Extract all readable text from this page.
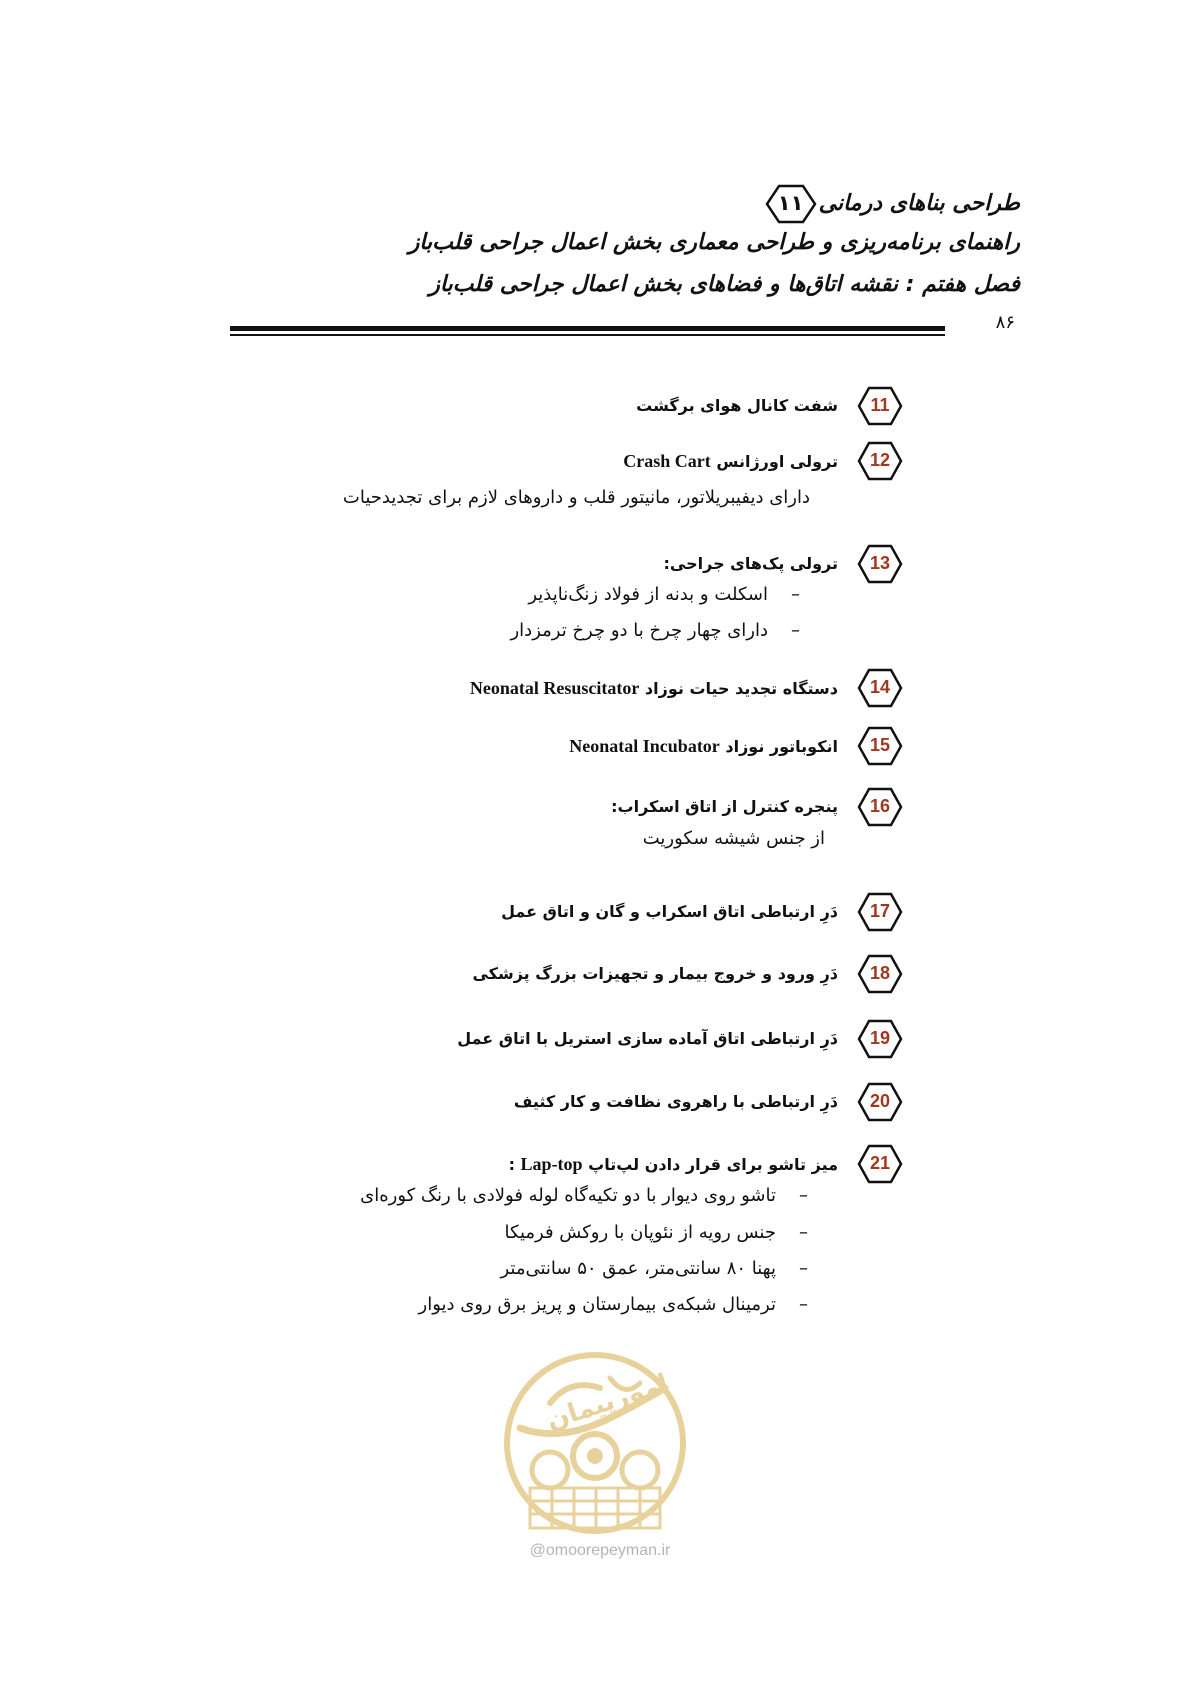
طراحی بناهای درمانی
۱۱
راهنمای برنامه‌ریزی و طراحی معماری بخش اعمال جراحی قلب‌باز
فصل هفتم : نقشه اتاق‌ها و فضاهای بخش اعمال جراحی قلب‌باز
۸۶
11
شفت کانال هوای برگشت
12
ترولی اورژانس Crash Cart
دارای دیفیبریلاتور، مانیتور قلب و داروهای لازم برای تجدیدحیات
13
ترولی پک‌های جراحی:
–اسکلت و بدنه از فولاد زنگ‌ناپذیر
–دارای چهار چرخ با دو چرخ ترمزدار
14
دستگاه تجدید حیات نوزاد Neonatal Resuscitator
15
انکوباتور نوزاد Neonatal Incubator
16
پنجره کنترل از اتاق اسکراب:
از جنس شیشه سکوریت
17
دَرِ ارتباطی اتاق اسکراب و گان و اتاق عمل
18
دَرِ ورود و خروج بیمار و تجهیزات بزرگ پزشکی
19
دَرِ ارتباطی اتاق آماده سازی استریل با اتاق عمل
20
دَرِ ارتباطی با راهروی نظافت و کار کثیف
21
میز تاشو برای قرار دادن لپ‌تاپ Lap-top :
–تاشو روی دیوار با دو تکیه‌گاه لوله فولادی با رنگ کوره‌ای
–جنس رویه از نئوپان با روکش فرمیکا
–پهنا ۸۰ سانتی‌متر، عمق ۵۰ سانتی‌متر
–ترمینال شبکه‌ی بیمارستان و پریز برق روی دیوار
امورپیمان
@omoorepeyman.ir
